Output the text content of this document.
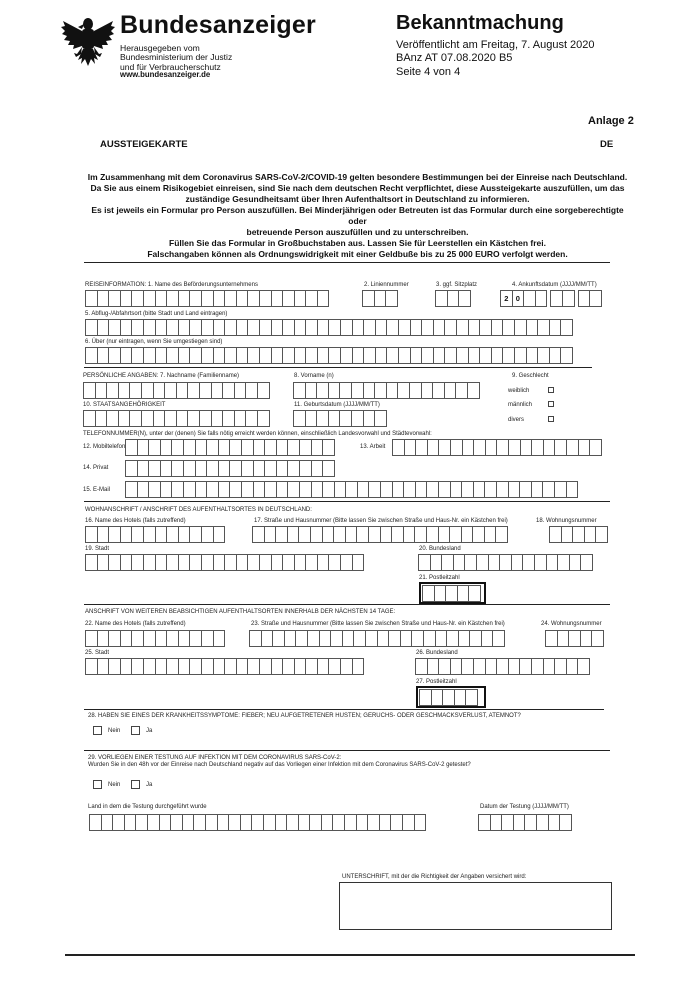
Bundesanzeiger
Herausgegeben vom
Bundesministerium der Justiz
und für Verbraucherschutz
www.bundesanzeiger.de
Bekanntmachung
Veröffentlicht am Freitag, 7. August 2020
BAnz AT 07.08.2020 B5
Seite 4 von 4
Anlage 2
AUSSTEIGEKARTE	DE
Im Zusammenhang mit dem Coronavirus SARS-CoV-2/COVID-19 gelten besondere Bestimmungen bei der Einreise nach Deutschland.
Da Sie aus einem Risikogebiet einreisen, sind Sie nach dem deutschen Recht verpflichtet, diese Aussteigekarte auszufüllen, um das
zuständige Gesundheitsamt über Ihren Aufenthaltsort in Deutschland zu informieren.
Es ist jeweils ein Formular pro Person auszufüllen. Bei Minderjährigen oder Betreuten ist das Formular durch eine sorgeberechtigte oder
betreuende Person auszufüllen und zu unterschreiben.
Füllen Sie das Formular in Großbuchstaben aus. Lassen Sie für Leerstellen ein Kästchen frei.
Falschangaben können als Ordnungswidrigkeit mit einer Geldbuße bis zu 25 000 EURO verfolgt werden.
REISEINFORMATION: 1. Name des Beförderungsunternehmens	2. Liniennummer	3. ggf. Sitzplatz	4. Ankunftsdatum (JJJJ/MM/TT)
2 0
5. Abflug-/Abfahrtsort (bitte Stadt und Land eintragen)
6. Über (nur eintragen, wenn Sie umgestiegen sind)
PERSÖNLICHE ANGABEN: 7. Nachname (Familienname)	8. Vorname (n)	9. Geschlecht
weiblich
männlich
divers
10. STAATSANGEHÖRIGKEIT	11. Geburtsdatum (JJJJ/MM/TT)
TELEFONNUMMER(N), unter der (denen) Sie falls nötig erreicht werden können, einschließlich Landesvorwahl und Städtevorwahl:
12. Mobiltelefon	13. Arbeit
14. Privat
15. E-Mail
WOHNANSCHRIFT / ANSCHRIFT DES AUFENTHALTSORTES IN DEUTSCHLAND:
16. Name des Hotels (falls zutreffend)	17. Straße und Hausnummer (Bitte lassen Sie zwischen Straße und Haus-Nr. ein Kästchen frei)	18. Wohnungsnummer
19. Stadt	20. Bundesland
21. Postleitzahl
ANSCHRIFT VON WEITEREN BEABSICHTIGEN AUFENTHALTSORTEN INNERHALB DER NÄCHSTEN 14 TAGE:
22. Name des Hotels (falls zutreffend)	23. Straße und Hausnummer (Bitte lassen Sie zwischen Straße und Haus-Nr. ein Kästchen frei)	24. Wohnungsnummer
25. Stadt	26. Bundesland
27. Postleitzahl
28. HABEN SIE EINES DER KRANKHEITSSYMPTOME: FIEBER; NEU AUFGETRETENER HUSTEN; GERUCHS- ODER GESCHMACKSVERLUST, ATEMNOT?
Nein	Ja
29. VORLIEGEN EINER TESTUNG AUF INFEKTION MIT DEM CORONAVIRUS SARS-CoV-2:
Wurden Sie in den 48h vor der Einreise nach Deutschland negativ auf das Vorliegen einer Infektion mit dem Coronavirus SARS-CoV-2 getestet?
Nein	Ja
Land in dem die Testung durchgeführt wurde	Datum der Testung (JJJJ/MM/TT)
UNTERSCHRIFT, mit der die Richtigkeit der Angaben versichert wird:
